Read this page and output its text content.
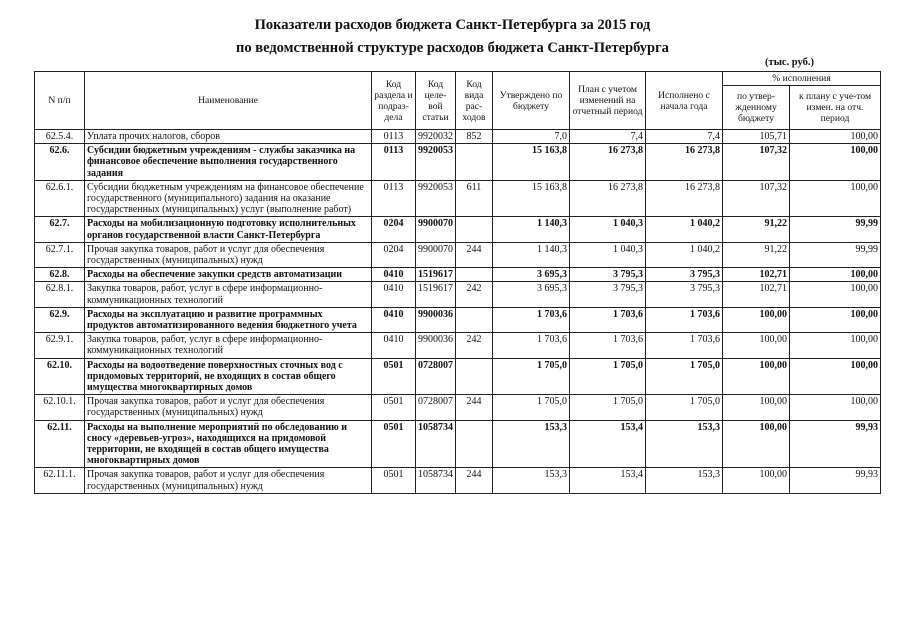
Показатели расходов бюджета Санкт-Петербурга за 2015 год
по ведомственной структуре расходов бюджета Санкт-Петербурга
(тыс. руб.)
N п/п	Наименование	Код раздела и подраз-дела	Код целе-вой статьи	Код вида рас-ходов	Утверждено по бюджету	План с учетом изменений на отчетный период	Исполнено с начала года	% исполнения	
								по утвер-жденному бюджету	к плану с уче-том измен. на отч. период
62.5.4.	Уплата прочих налогов, сборов	0113	9920032	852	7,0	7,4	7,4	105,71	100,00
62.6.	Субсидии бюджетным учреждениям - службы заказчика на финансовое обеспечение выполнения государственного задания	0113	9920053		15 163,8	16 273,8	16 273,8	107,32	100,00
62.6.1.	Субсидии бюджетным учреждениям на финансовое обеспечение государственного (муниципального) задания на оказание государственных (муниципальных) услуг (выполнение работ)	0113	9920053	611	15 163,8	16 273,8	16 273,8	107,32	100,00
62.7.	Расходы на мобилизационную подготовку исполнительных органов государственной власти Санкт-Петербурга	0204	9900070		1 140,3	1 040,3	1 040,2	91,22	99,99
62.7.1.	Прочая закупка товаров, работ и услуг для обеспечения государственных (муниципальных) нужд	0204	9900070	244	1 140,3	1 040,3	1 040,2	91,22	99,99
62.8.	Расходы на обеспечение закупки средств автоматизации	0410	1519617		3 695,3	3 795,3	3 795,3	102,71	100,00
62.8.1.	Закупка товаров, работ, услуг в сфере информационно-коммуникационных технологий	0410	1519617	242	3 695,3	3 795,3	3 795,3	102,71	100,00
62.9.	Расходы на эксплуатацию и развитие программных продуктов автоматизированного ведения бюджетного учета	0410	9900036		1 703,6	1 703,6	1 703,6	100,00	100,00
62.9.1.	Закупка товаров, работ, услуг в сфере информационно-коммуникационных технологий	0410	9900036	242	1 703,6	1 703,6	1 703,6	100,00	100,00
62.10.	Расходы на водоотведение поверхностных сточных вод с придомовых территорий, не входящих в состав общего имущества многоквартирных домов	0501	0728007		1 705,0	1 705,0	1 705,0	100,00	100,00
62.10.1.	Прочая закупка товаров, работ и услуг для обеспечения государственных (муниципальных) нужд	0501	0728007	244	1 705,0	1 705,0	1 705,0	100,00	100,00
62.11.	Расходы на выполнение мероприятий по обследованию и сносу «деревьев-угроз», находящихся на придомовой территории, не входящей в состав общего имущества многоквартирных домов	0501	1058734		153,3	153,4	153,3	100,00	99,93
62.11.1.	Прочая закупка товаров, работ и услуг для обеспечения государственных (муниципальных) нужд	0501	1058734	244	153,3	153,4	153,3	100,00	99,93
